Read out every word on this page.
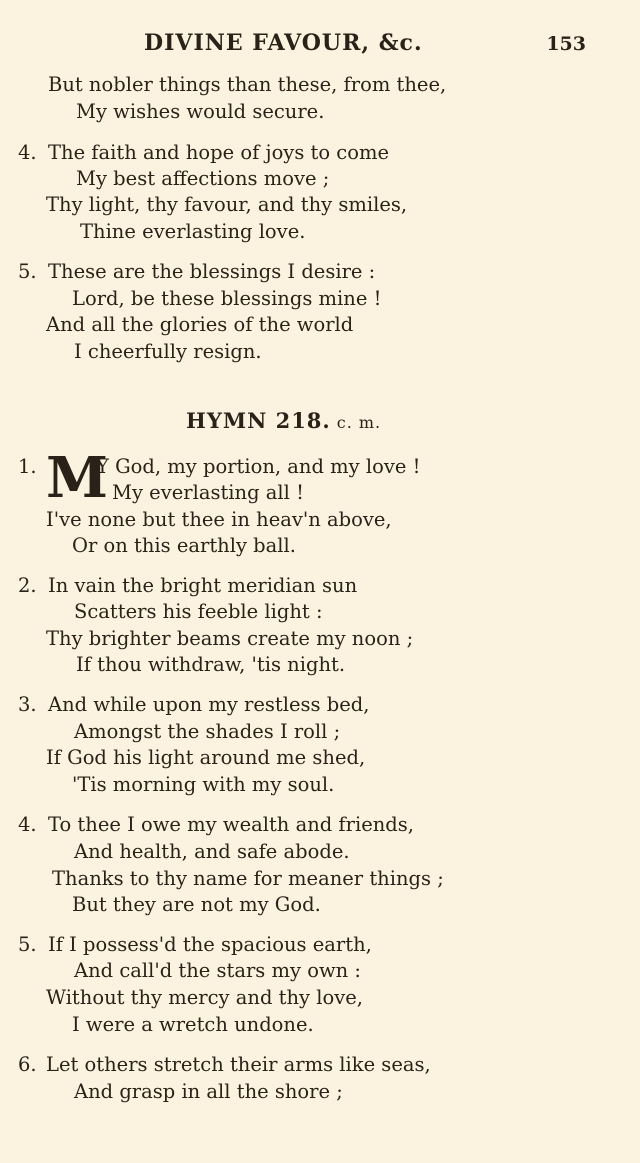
DIVINE FAVOUR, &c.	153
But nobler things than these, from thee,
My wishes would secure.
4. The faith and hope of joys to come
My best affections move ;
Thy light, thy favour, and thy smiles,
Thine everlasting love.
5. These are the blessings I desire :
Lord, be these blessings mine !
And all the glories of the world
I cheerfully resign.
HYMN 218. c. m.
M
1.	Y God, my portion, and my love !
My everlasting all !
I've none but thee in heav'n above,
Or on this earthly ball.
2. In vain the bright meridian sun
Scatters his feeble light :
Thy brighter beams create my noon ;
If thou withdraw, 'tis night.
3. And while upon my restless bed,
Amongst the shades I roll ;
If God his light around me shed,
'Tis morning with my soul.
4. To thee I owe my wealth and friends,
And health, and safe abode.
Thanks to thy name for meaner things ;
But they are not my God.
5. If I possess'd the spacious earth,
And call'd the stars my own :
Without thy mercy and thy love,
I were a wretch undone.
6. Let others stretch their arms like seas,
And grasp in all the shore ;
